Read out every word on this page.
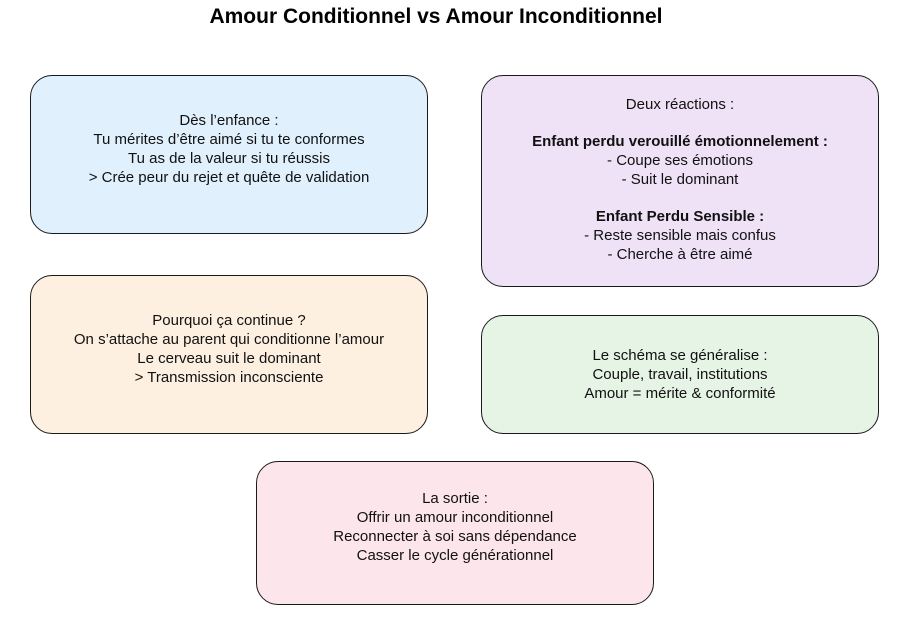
Amour Conditionnel vs Amour Inconditionnel
Dès l’enfance :
Tu mérites d’être aimé si tu te conformes
Tu as de la valeur si tu réussis
> Crée peur du rejet et quête de validation
Deux réactions :
Enfant perdu verouillé émotionnelement :
- Coupe ses émotions
- Suit le dominant
Enfant Perdu Sensible :
- Reste sensible mais confus
- Cherche à être aimé
Pourquoi ça continue ?
On s’attache au parent qui conditionne l’amour
Le cerveau suit le dominant
> Transmission inconsciente
Le schéma se généralise :
Couple, travail, institutions
Amour = mérite & conformité
La sortie :
Offrir un amour inconditionnel
Reconnecter à soi sans dépendance
Casser le cycle générationnel
